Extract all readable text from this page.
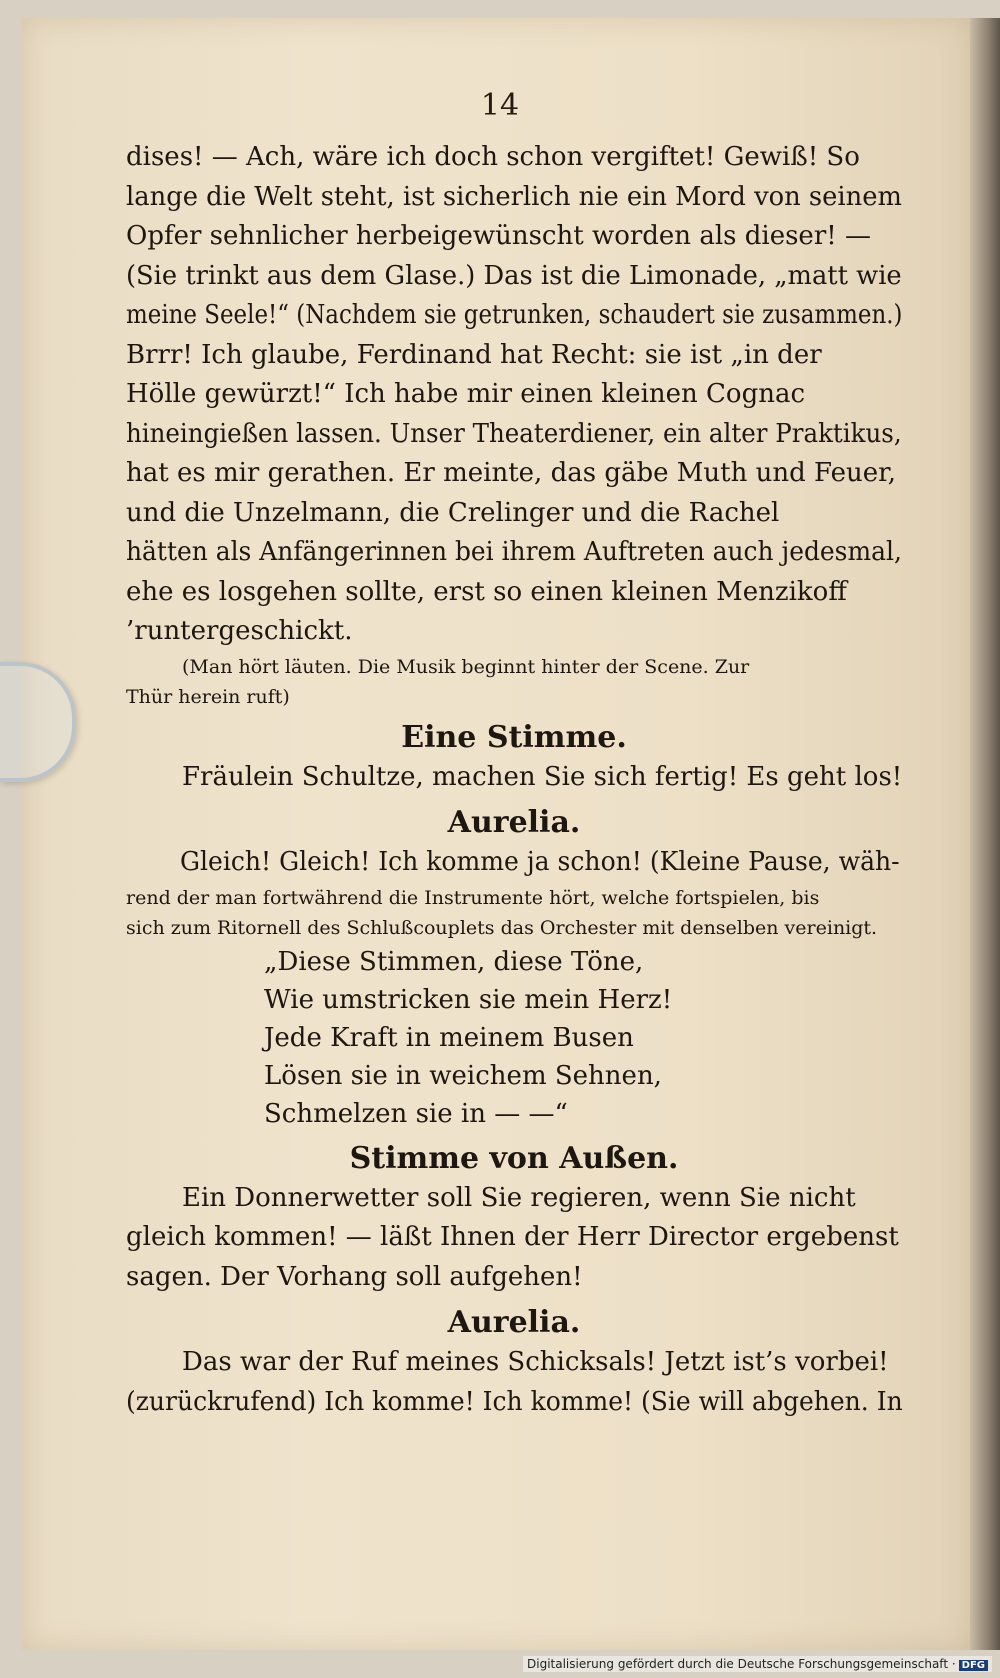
14
dises! — Ach, wäre ich doch schon vergiftet! Gewiß! So
lange die Welt steht, ist sicherlich nie ein Mord von seinem
Opfer sehnlicher herbeigewünscht worden als dieser! —
(Sie trinkt aus dem Glase.) Das ist die Limonade, „matt wie
meine Seele!“ (Nachdem sie getrunken, schaudert sie zusammen.)
Brrr! Ich glaube, Ferdinand hat Recht: sie ist „in der
Hölle gewürzt!“ Ich habe mir einen kleinen Cognac
hineingießen lassen. Unser Theaterdiener, ein alter Praktikus,
hat es mir gerathen. Er meinte, das gäbe Muth und Feuer,
und die Unzelmann, die Crelinger und die Rachel
hätten als Anfängerinnen bei ihrem Auftreten auch jedesmal,
ehe es losgehen sollte, erst so einen kleinen Menzikoff
’runtergeschickt.
(Man hört läuten. Die Musik beginnt hinter der Scene. Zur
Thür herein ruft)
Eine Stimme.
Fräulein Schultze, machen Sie sich fertig! Es geht los!
Aurelia.
Gleich! Gleich! Ich komme ja schon! (Kleine Pause, wäh-
rend der man fortwährend die Instrumente hört, welche fortspielen, bis
sich zum Ritornell des Schlußcouplets das Orchester mit denselben vereinigt.
„Diese Stimmen, diese Töne,
Wie umstricken sie mein Herz!
Jede Kraft in meinem Busen
Lösen sie in weichem Sehnen,
Schmelzen sie in — —“
Stimme von Außen.
Ein Donnerwetter soll Sie regieren, wenn Sie nicht
gleich kommen! — läßt Ihnen der Herr Director ergebenst
sagen. Der Vorhang soll aufgehen!
Aurelia.
Das war der Ruf meines Schicksals! Jetzt ist’s vorbei!
(zurückrufend) Ich komme! Ich komme! (Sie will abgehen. In
Digitalisierung gefördert durch die Deutsche Forschungsgemeinschaft · DFG
